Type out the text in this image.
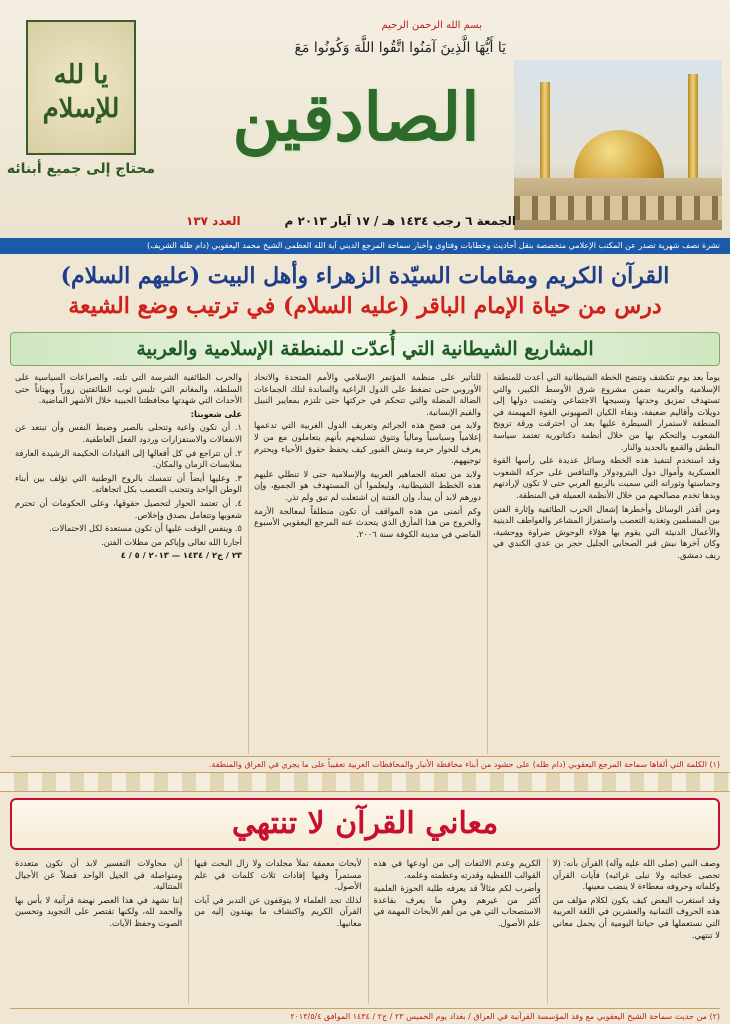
بسم الله الرحمن الرحيم
يَا أَيُّهَا الَّذِينَ آمَنُوا اتَّقُوا اللَّهَ وَكُونُوا مَعَ
الصادقين
الجمعة ٦ رجب ١٤٣٤ هـ / ١٧ آيار ٢٠١٣ م
العدد ١٣٧
يا لله للإسلام
محتاج إلى جميع أبنائه
نشرة نصف شهرية تصدر عن المكتب الإعلامي متخصصة بنقل أحاديث وخطابات وفتاوى وأخبار سماحة المرجع الديني آية الله العظمى الشيخ محمد اليعقوبي (دام ظله الشريف)
القرآن الكريم ومقامات السيّدة الزهراء وأهل البيت (عليهم السلام)
درس من حياة الإمام الباقر (عليه السلام) في ترتيب وضع الشيعة
المشاريع الشيطانية التي أُعدّت للمنطقة الإسلامية والعربية

يوماً بعد يوم تتكشف وتتضح الخطة الشيطانية التي أعدت للمنطقة الإسلامية والعربية ضمن مشروع شرق الأوسط الكبير، والتي تستهدف تمزيق وحدتها ونسيجها الاجتماعي وتفتيت دولها إلى دويلات وأقاليم ضعيفة، وبقاء الكيان الصهيوني القوة المهيمنة في المنطقة لاستمرار السيطرة عليها بعد أن احترقت ورقة ترويج الشعوب والتحكم بها من خلال أنظمة دكتاتورية تعتمد سياسة البطش والقمع بالحديد والنار.

وقد استخدم لتنفيذ هذه الخطة وسائل عديدة على رأسها القوة العسكرية وأموال دول البترودولار والتنافس على حركة الشعوب وحماستها وثوراته التي سميت بالربيع العربي حتى لا تكون لإرادتهم ويدها تخدم مصالحهم من خلال الأنظمة العميلة في المنطقة.

ومن أقذر الوسائل وأخطرها إشعال الحرب الطائفية وإثارة الفتن بين المسلمين وتغذية التعصب واستفزاز المشاعر والعواطف الدينية والأعمال الدنيئة التي يقوم بها هؤلاء الوحوش ضراوة ووحشية، وكان آخرها نبش قبر الصحابي الجليل حجر بن عدي الكندي في ريف دمشق.

للتأثير على منظمة المؤتمر الإسلامي والأمم المتحدة والاتحاد الأوروبي حتى تضغط على الدول الراعية والساندة لتلك الجماعات الضالة المضلة والتي تتحكم في حركتها حتى تلتزم بمعايير النبيل والقيم الإنسانية.

ولابد من فضح هذه الجرائم وتعريف الدول الغربية التي تدعمها إعلامياً وسياسياً ومالياً وتتوق تسليحهم بأنهم يتعاملون مع من لا يعرف للحوار حرمة ونبش القبور كيف يحفظ حقوق الأحياء ويحترم توجيههم.

ولابد من تعبئة الجماهير العربية والإسلامية حتى لا تنطلي عليهم هذه الخطط الشيطانية، وليعلموا أن المستهدف هو الجميع، وإن دورهم لابد أن يبدأ، وإن الفتنة إن اشتعلت لم تبق ولم تذر.

وكم أتمنى من هذه المواقف أن تكون منطلقاً لمعالجة الأزمة والخروج من هذا المأزق الذي يتحدث عنه المرجع اليعقوبي الأسبوع الماضي في مدينة الكوفة سنة ٢٠٠٦.

والحرب الطائفية الشرسة التي تلته، والصراعات السياسية على السلطة، والمغانم التي تلبس ثوب الطائفتين زوراً وبهتاناً حتى الأحداث التي شهدتها محافظتنا الحبيبة خلال الأشهر الماضية.

على شعوبنا:

١. أن تكون واعية وتتحلى بالصبر وضبط النفس وأن تبتعد عن الانفعالات والاستفزازات وردود الفعل العاطفية.

٢. أن تتراجع في كل أفعالها إلى القيادات الحكيمة الرشيدة العارفة بملابسات الزمان والمكان.

٣. وعليها أيضاً أن تتمسك بالروح الوطنية التي تؤلف بين أبناء الوطن الواحد وتتجنب التعصب بكل اتجاهاته.

٤. أن تعتمد الحوار لتحصيل حقوقها، وعلى الحكومات أن تحترم شعوبها وتتعامل بصدق وإخلاص.

٥. وينفس الوقت عليها أن تكون مستعدة لكل الاحتمالات.

أجارنا الله تعالى وإياكم من مظلات الفتن.

٢٣ / ج٢ / ١٤٣٤ — ٢٠١٣ / ٥ / ٤
(١) الكلمة التي ألقاها سماحة المرجع اليعقوبي (دام ظله) على حشود من أبناء محافظة الأنبار والمحافظات الغربية تعقيباً على ما يجري في العراق والمنطقة.
معاني القرآن لا تنتهي

وصف النبي (صلى الله عليه وآله) القرآن بأنه: (لا تحصى عجائبه ولا تبلى غرائبه) فآيات القرآن وكلماته وحروفه معطاءة لا ينضب معينها.

وقد استغرب البعض كيف يكون لكلام مؤلف من هذه الحروف الثمانية والعشرين في اللغة العربية التي نستعملها في حياتنا اليومية أن يحمل معاني لا تنتهي.

الكريم وعدم الالتفات إلى من أودعها في هذه القوالب اللفظية وقدرته وعظمته وعلمه.

وأضرب لكم مثالاً قد يعرفه طلبة الحوزة العلمية أكثر من غيرهم وهي ما يعرف بقاعدة الاستصحاب التي هي من أهم الأبحاث المهمة في علم الأصول.

لأبحاث معمقة تملأ مجلدات ولا زال البحث فيها مستمراً وفيها إفادات ثلاث كلمات في علم الأصول.

لذلك تجد العلماء لا يتوقفون عن التدبر في آيات القرآن الكريم واكتشاف ما يهتدون إليه من معانيها.

أن محاولات التفسير لابد أن تكون متعددة ومتواصلة في الجيل الواحد فضلاً عن الأجيال المتتالية.

إننا نشهد في هذا العصر نهضة قرآنية لا بأس بها والحمد لله، ولكنها تقتصر على التجويد وتحسين الصوت وحفظ الآيات.

(٢) من حديث سماحة الشيخ اليعقوبي مع وفد المؤسسة القرآنية في العراق / بغداد يوم الخميس ٢٣ / ج٢ / ١٤٣٤ الموافق ٢٠١٣/٥/٤
